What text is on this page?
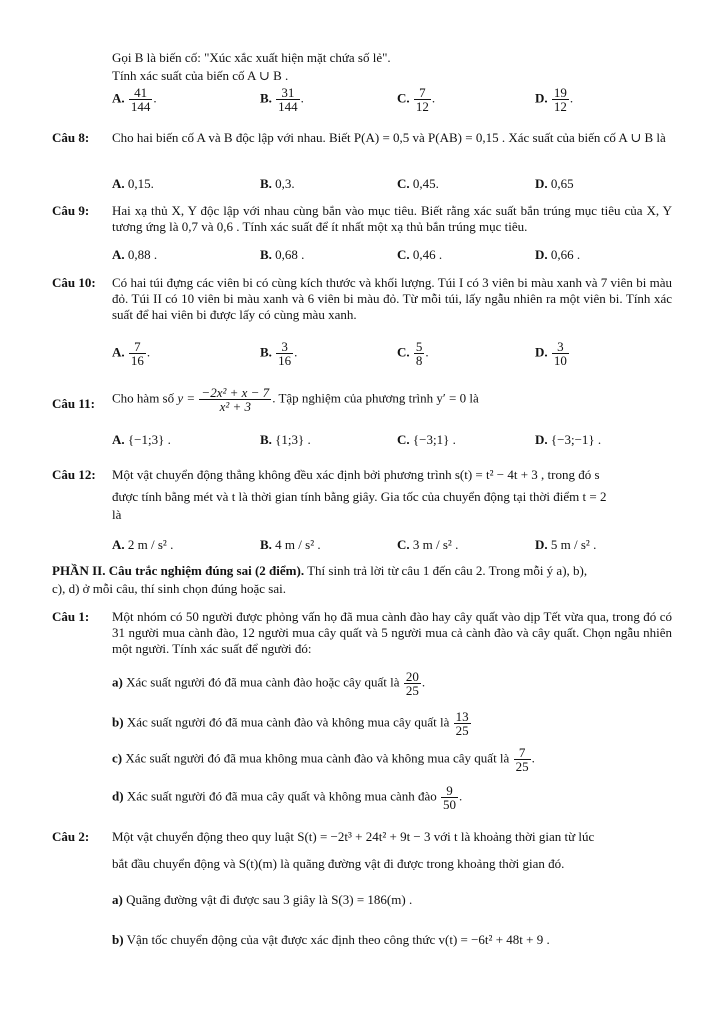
Gọi B là biến cố: "Xúc xắc xuất hiện mặt chứa số lẻ".
Tính xác suất của biến cố A ∪ B .
A. $\frac{41}{144}$ .	B. $\frac{31}{144}$ .	C. $\frac{7}{12}$ .	D. $\frac{19}{12}$ .
Câu 8: Cho hai biến cố A và B độc lập với nhau. Biết P(A) = 0,5 và P(AB) = 0,15 . Xác suất của biến cố A ∪ B là
A. 0,15.	B. 0,3.	C. 0,45.	D. 0,65
Câu 9: Hai xạ thủ X, Y độc lập với nhau cùng bắn vào mục tiêu. Biết rằng xác suất bắn trúng mục tiêu của X, Y tương ứng là 0,7 và 0,6 . Tính xác suất để ít nhất một xạ thủ bắn trúng mục tiêu.
A. 0,88 .	B. 0,68 .	C. 0,46 .	D. 0,66 .
Câu 10: Có hai túi đựng các viên bi có cùng kích thước và khối lượng. Túi I có 3 viên bi màu xanh và 7 viên bi màu đỏ. Túi II có 10 viên bi màu xanh và 6 viên bi màu đỏ. Từ mỗi túi, lấy ngẫu nhiên ra một viên bi. Tính xác suất để hai viên bi được lấy có cùng màu xanh.
A. $\frac{7}{16}$ .	B. $\frac{3}{16}$ .	C. $\frac{5}{8}$ .	D. $\frac{3}{10}$
Câu 11: Cho hàm số $y = \frac{\text{−2x² + x − 7}}{\text{x² + 3}}$ . Tập nghiệm của phương trình y′ = 0 là
A. {−1;3} .	B. {1;3} .	C. {−3;1} .	D. {−3;−1} .
Câu 12: Một vật chuyển động thẳng không đều xác định bởi phương trình s(t) = t² − 4t + 3 , trong đó s
được tính bằng mét và t là thời gian tính bằng giây. Gia tốc của chuyển động tại thời điểm t = 2
là
A. 2 m / s² .	B. 4 m / s² .	C. 3 m / s² .	D. 5 m / s² .
PHẦN II. Câu trắc nghiệm đúng sai (2 điểm). Thí sinh trả lời từ câu 1 đến câu 2. Trong mỗi ý a), b),
c), d) ở mỗi câu, thí sinh chọn đúng hoặc sai.
Câu 1: Một nhóm có 50 người được phỏng vấn họ đã mua cành đào hay cây quất vào dịp Tết vừa qua, trong đó có 31 người mua cành đào, 12 người mua cây quất và 5 người mua cả cành đào và cây quất. Chọn ngẫu nhiên một người. Tính xác suất để người đó:
a) Xác suất người đó đã mua cành đào hoặc cây quất là $\frac{20}{25}$ .
b) Xác suất người đó đã mua cành đào và không mua cây quất là $\frac{13}{25}$
c) Xác suất người đó đã mua không mua cành đào và không mua cây quất là $\frac{7}{25}$ .
d) Xác suất người đó đã mua cây quất và không mua cành đào $\frac{9}{50}$ .
Câu 2: Một vật chuyển động theo quy luật S(t) = −2t³ + 24t² + 9t − 3 với t là khoảng thời gian từ lúc
bắt đầu chuyển động và S(t)(m) là quãng đường vật đi được trong khoảng thời gian đó.
a) Quãng đường vật đi được sau 3 giây là S(3) = 186(m) .
b) Vận tốc chuyển động của vật được xác định theo công thức v(t) = −6t² + 48t + 9 .
